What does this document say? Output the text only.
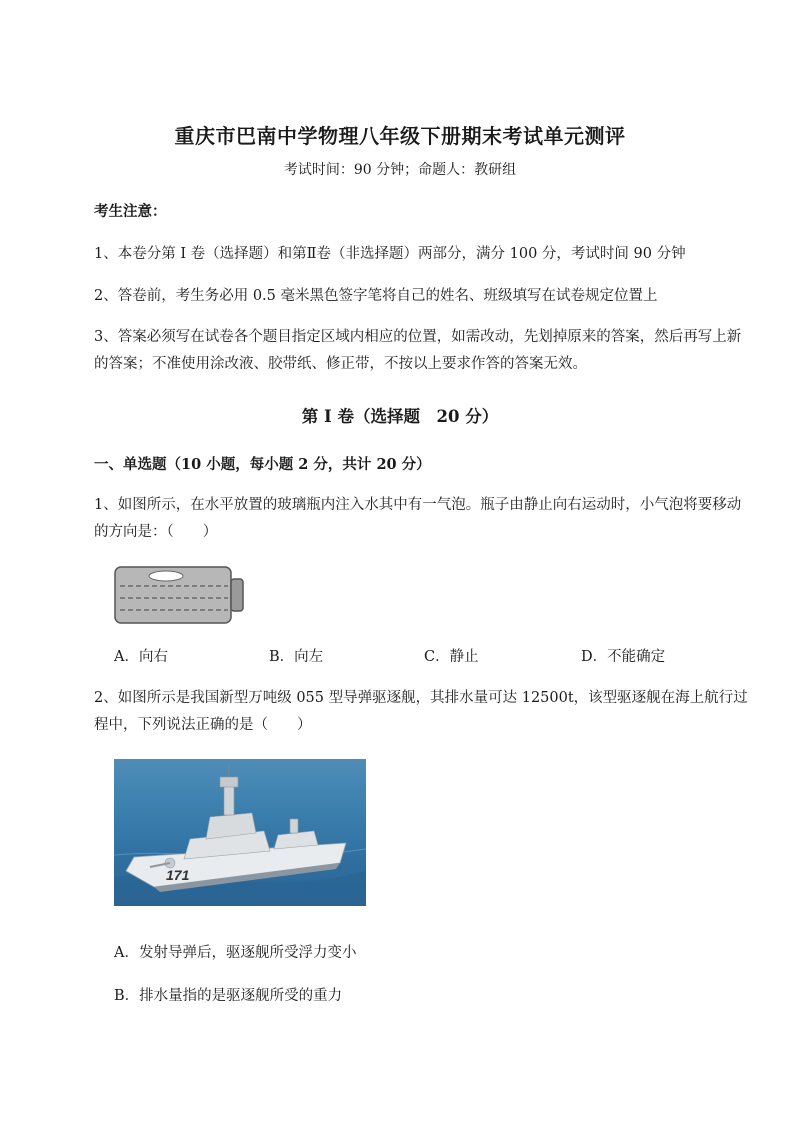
重庆市巴南中学物理八年级下册期末考试单元测评
考试时间：90 分钟；命题人：教研组
考生注意：
1、本卷分第 I 卷（选择题）和第Ⅱ卷（非选择题）两部分，满分 100 分，考试时间 90 分钟
2、答卷前，考生务必用 0.5 毫米黑色签字笔将自己的姓名、班级填写在试卷规定位置上
3、答案必须写在试卷各个题目指定区域内相应的位置，如需改动，先划掉原来的答案，然后再写上新的答案；不准使用涂改液、胶带纸、修正带，不按以上要求作答的答案无效。
第 I 卷（选择题　20 分）
一、单选题（10 小题，每小题 2 分，共计 20 分）
1、如图所示，在水平放置的玻璃瓶内注入水其中有一气泡。瓶子由静止向右运动时，小气泡将要移动的方向是：（　　）
A．向右	B．向左	C．静止	D．不能确定
2、如图所示是我国新型万吨级 055 型导弹驱逐舰，其排水量可达 12500t，该型驱逐舰在海上航行过程中，下列说法正确的是（　　）
171
A．发射导弹后，驱逐舰所受浮力变小
B．排水量指的是驱逐舰所受的重力
